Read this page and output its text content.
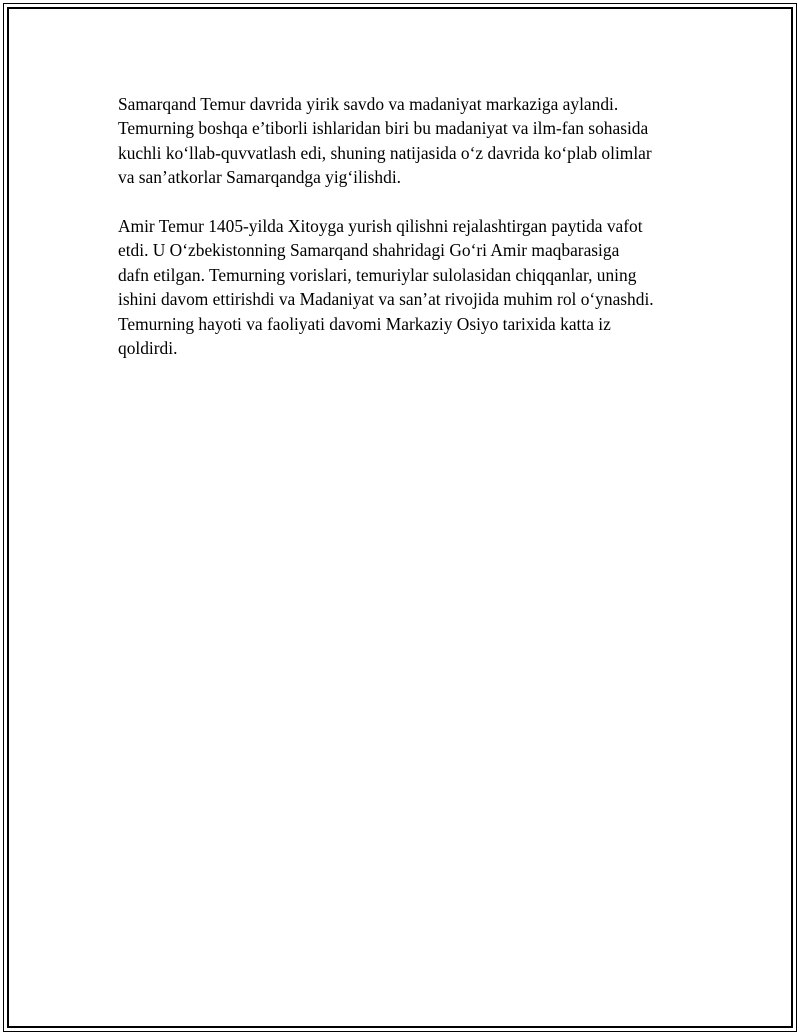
Samarqand Temur davrida yirik savdo va madaniyat markaziga aylandi.
Temurning boshqa e’tiborli ishlaridan biri bu madaniyat va ilm-fan sohasida
kuchli ko‘llab-quvvatlash edi, shuning natijasida o‘z davrida ko‘plab olimlar
va san’atkorlar Samarqandga yig‘ilishdi.

Amir Temur 1405-yilda Xitoyga yurish qilishni rejalashtirgan paytida vafot
etdi. U O‘zbekistonning Samarqand shahridagi Go‘ri Amir maqbarasiga
dafn etilgan. Temurning vorislari, temuriylar sulolasidan chiqqanlar, uning
ishini davom ettirishdi va Madaniyat va san’at rivojida muhim rol o‘ynashdi.
Temurning hayoti va faoliyati davomi Markaziy Osiyo tarixida katta iz
qoldirdi.
